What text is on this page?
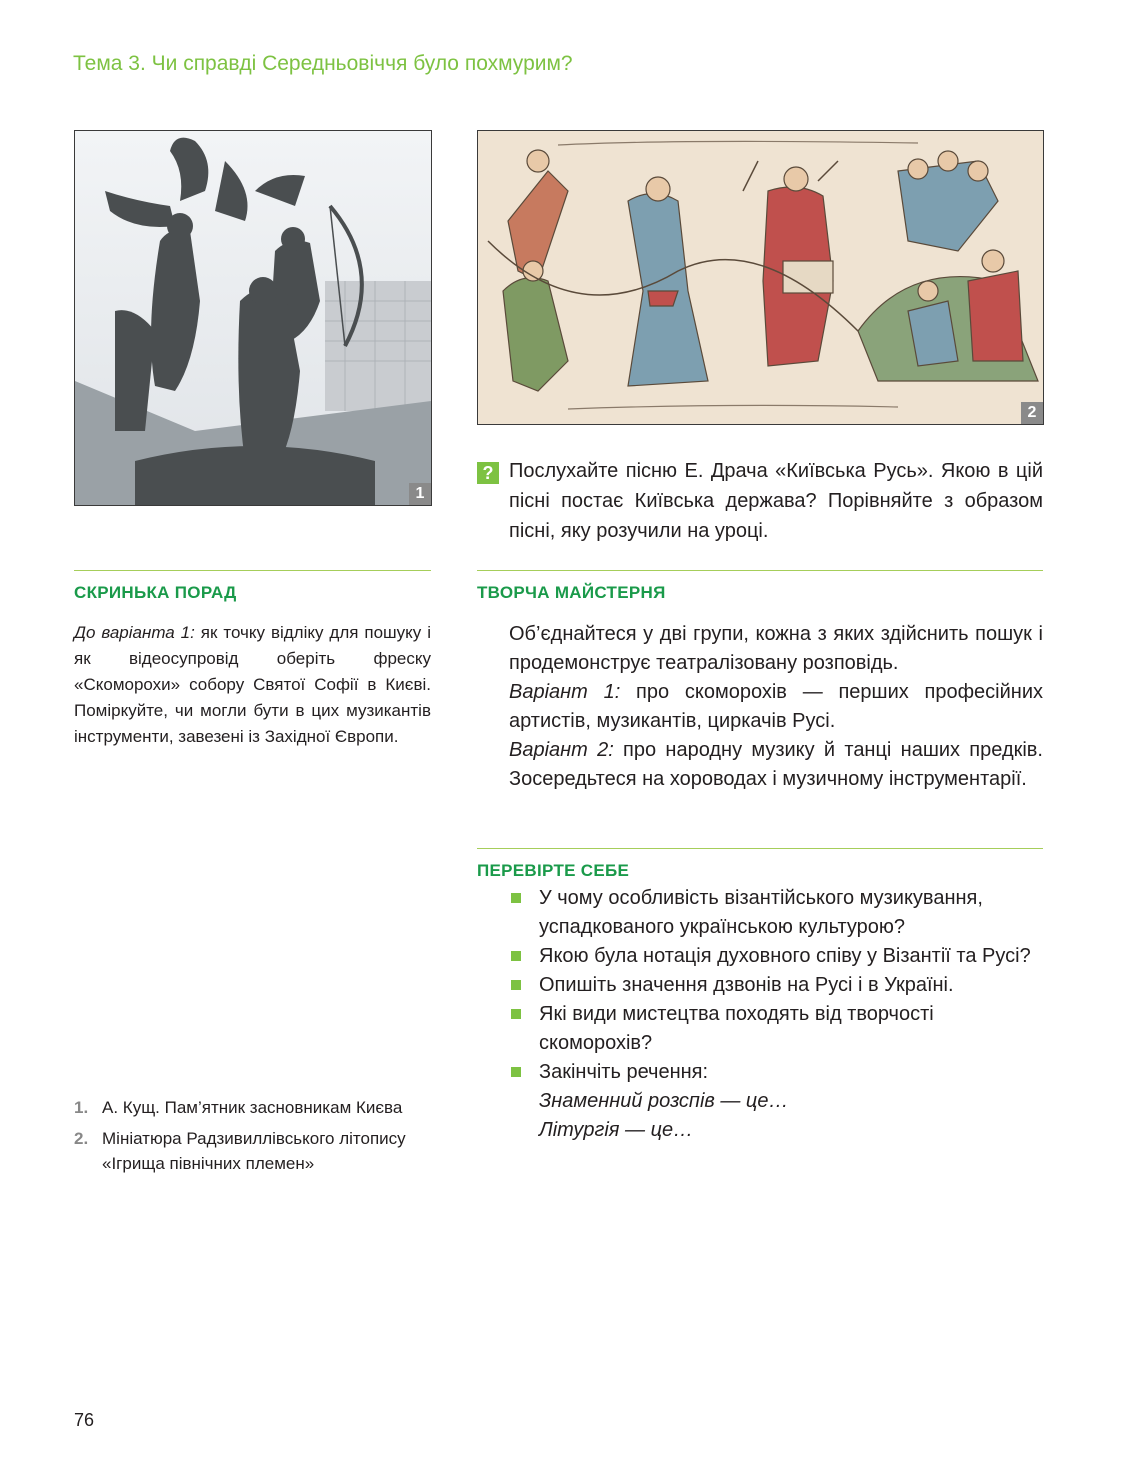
Тема 3. Чи справді Середньовіччя було похмурим?
1
2
? Послухайте пісню Е. Драча «Київська Русь». Якою в цій пісні постає Київська держава? Порівняйте з образом пісні, яку розучили на уроці.
СКРИНЬКА ПОРАД
До варіанта 1: як точку відліку для пошуку і як відеосупровід оберіть фреску «Скоморохи» собору Святої Софії в Києві. Поміркуйте, чи могли бути в цих музикантів інструменти, завезені із Західної Європи.
ТВОРЧА МАЙСТЕРНЯ

Об’єднайтеся у дві групи, кожна з яких здійснить пошук і продемонструє театралізовану розповідь.

Варіант 1: про скоморохів — перших професійних артистів, музикантів, циркачів Русі.

Варіант 2: про народну музику й танці наших предків. Зосередьтеся на хороводах і музичному інструментарії.

ПЕРЕВІРТЕ СЕБЕ
У чому особливість візантійського музикування, успадкованого українською культурою?
Якою була нотація духовного співу у Візантії та Русі?
Опишіть значення дзвонів на Русі і в Україні.
Які види мистецтва походять від творчості скоморохів?
Закінчіть речення:
Знаменний розспів — це…
Літургія — це…
1. А. Кущ. Пам’ятник засновникам Києва
2. Мініатюра Радзивиллівського літопису «Ігрища північних племен»
76
